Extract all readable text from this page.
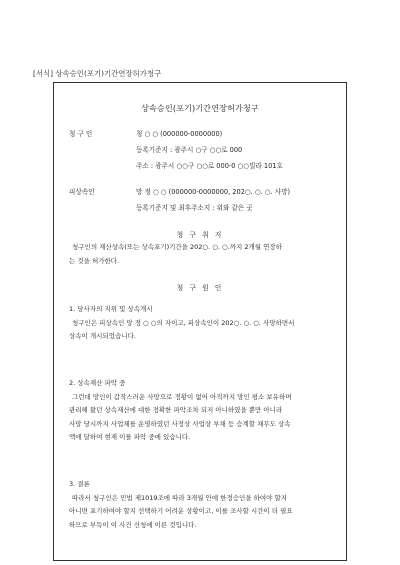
[서식] 상속승인(포기)기간연장허가청구
상속승인(포기)기간연장허가청구
청 구 인	청 ○ ○ (000000-0000000)
등록기준지 : 광주시 ○구 ○○로 000
주소 : 광주시 ○○구 ○○로 000-0 ○○빌라 101호
피상속인	망 정 ○ ○ (000000-0000000, 202○. ○. ○. 사망)
등록기준지 및 최후주소지 : 위와 같은 곳
청 구 취 지
청구인의 재산상속(또는 상속포기)기간을 202○. ○. ○.까지 2개월 연장하
는 것을 허가한다.
청 구 원 인
1. 당사자의 지위 및 상속개시
청구인은 피상속인 망 정 ○ ○의 자이고, 피상속인이 202○. ○. ○. 사망하면서
상속이 개시되었습니다.
2. 상속재산 파악 중
그런데 망인이 갑작스러운 사망으로 정황이 없어 아직까지 망인 평소 보유하며
관리해 왔던 상속재산에 대한 정확한 파악조차 되지 아니하였을 뿐만 아니라
사망 당시까지 사업체를 운영하였던 사정상 사업상 부채 등 승계할 채무도 상속
액에 달하여 현재 이를 파악 중에 있습니다.
3. 결론
따라서 청구인은 민법 제1019조에 따라 3개월 안에 한정승인을 하여야 할지
아니면 포기하여야 할지 선택하기 어려운 상황이고, 이를 조사할 시간이 더 필요
하므로 부득이 이 사건 신청에 이른 것입니다.
